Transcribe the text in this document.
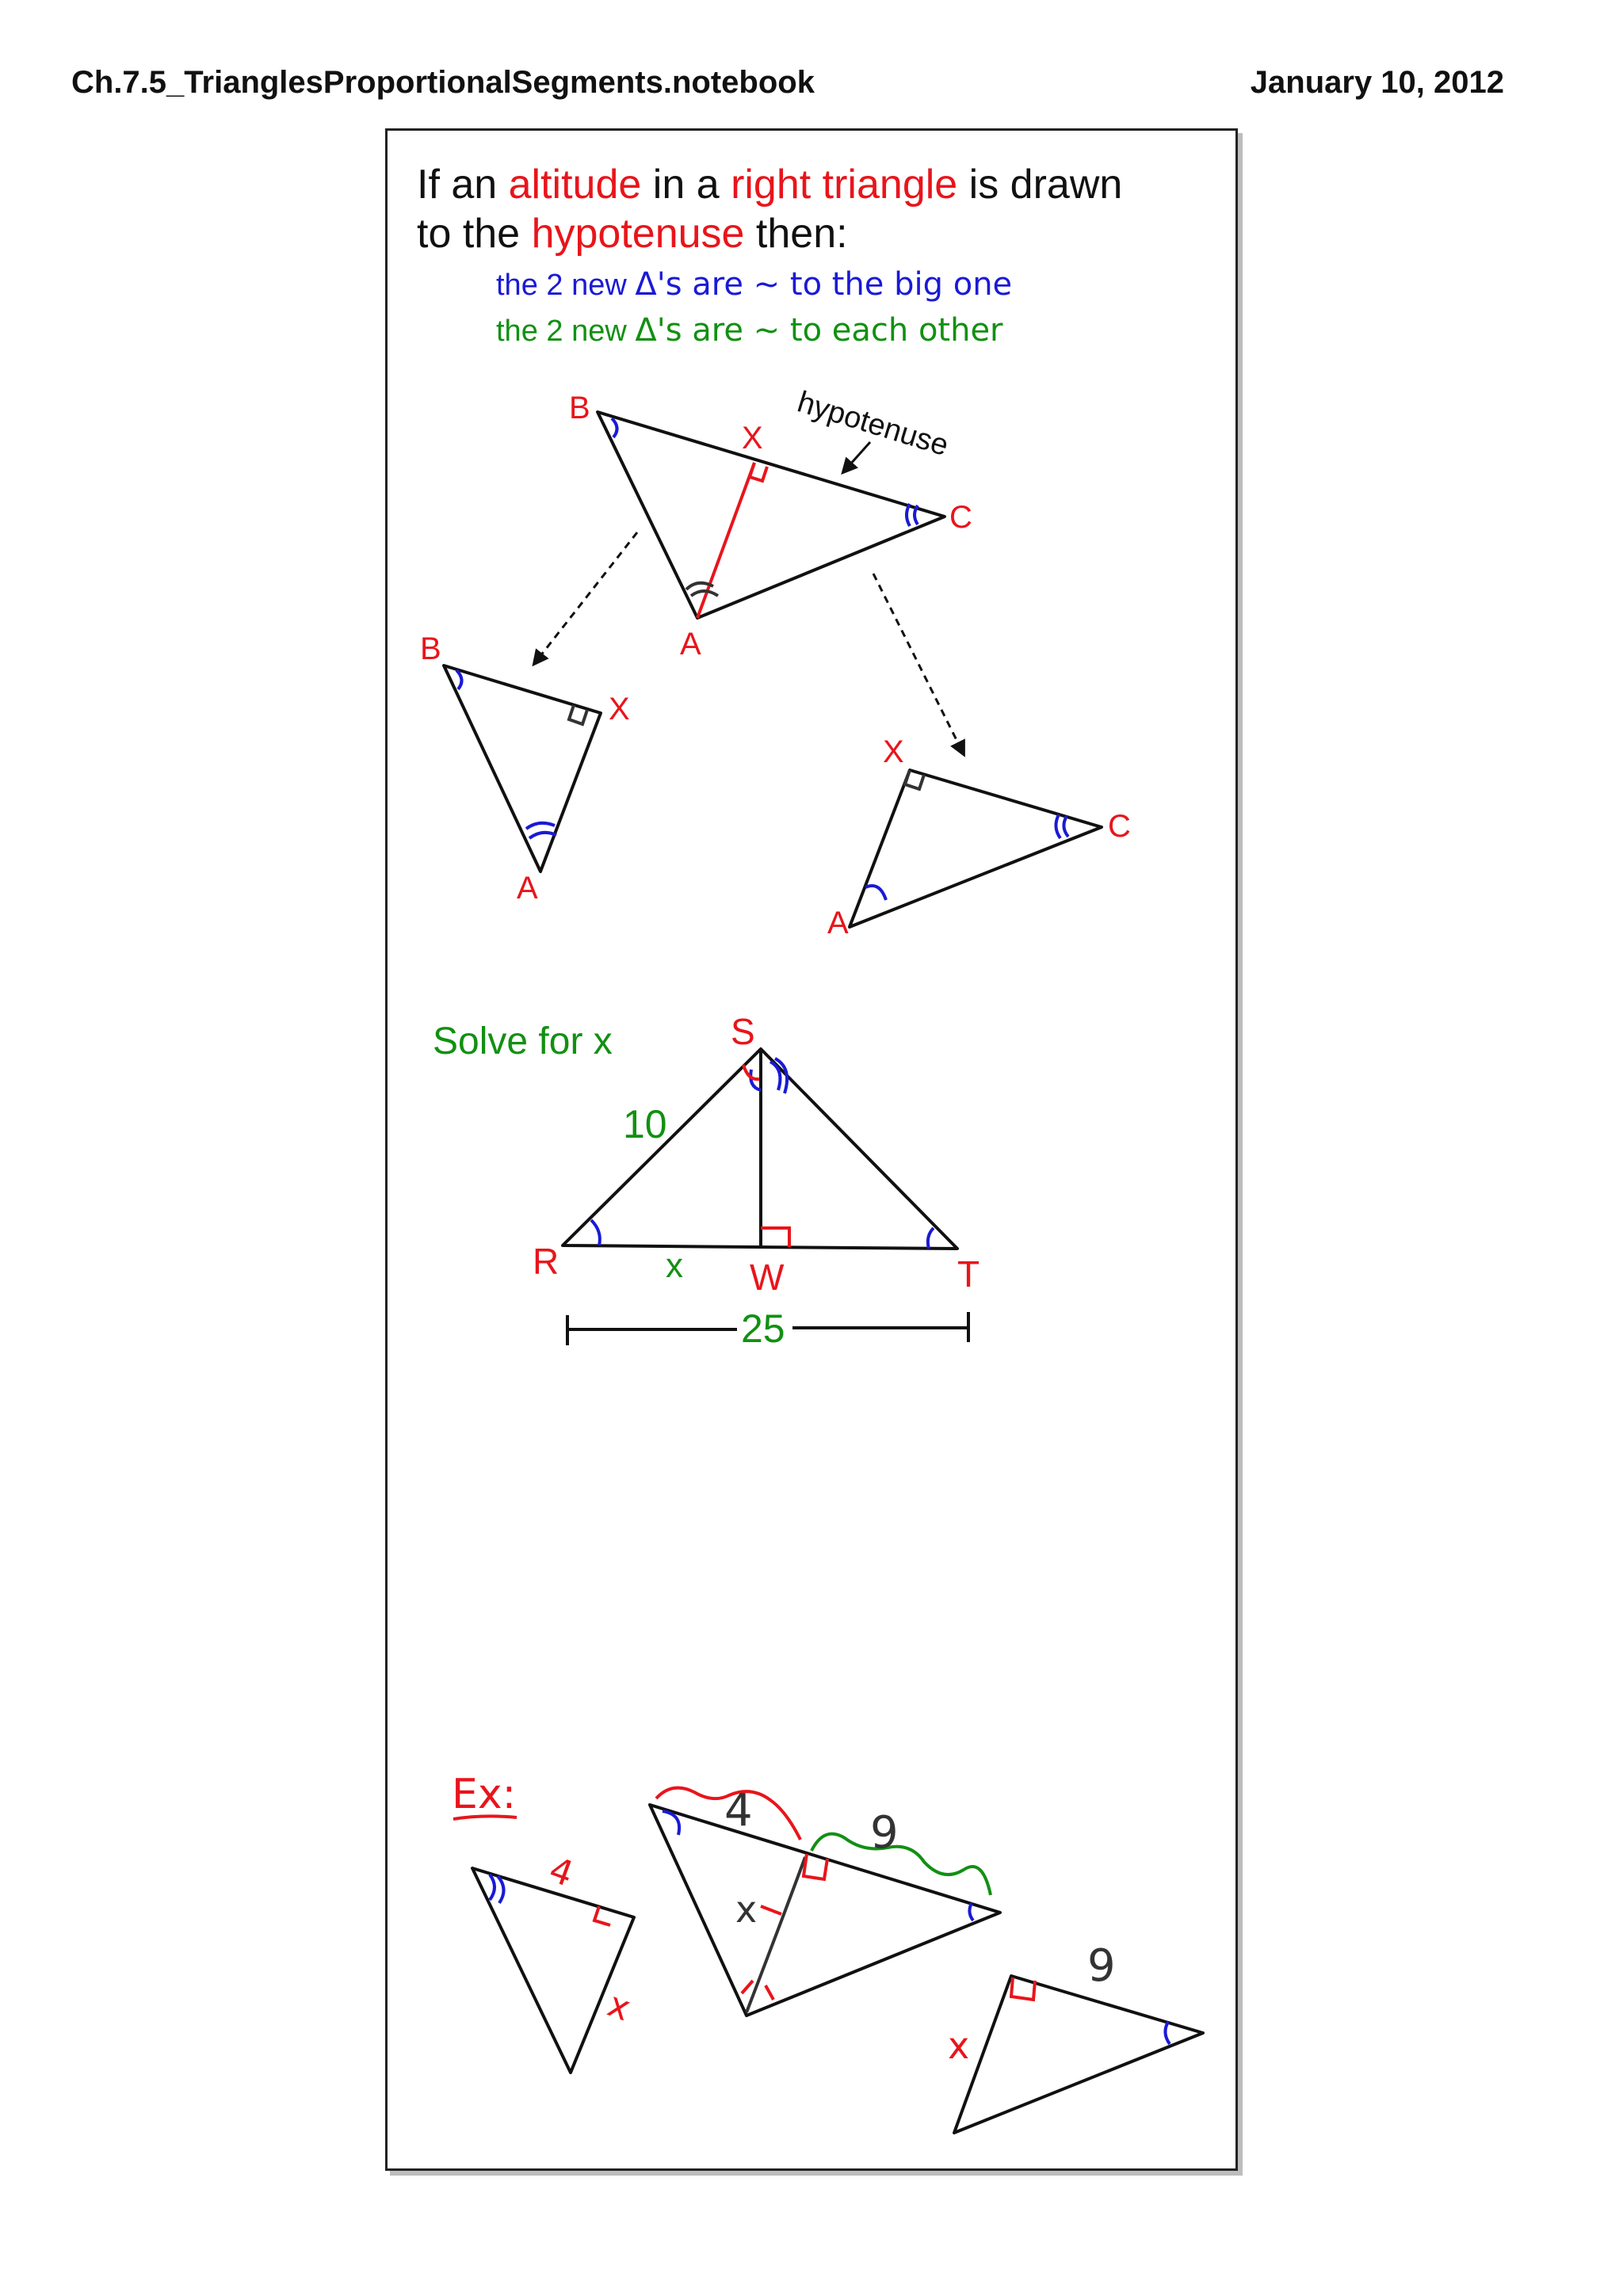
Ch.7.5_TrianglesProportionalSegments.notebook	January 10, 2012
If an altitude in a right triangle is drawn
to the hypotenuse then:
the 2 new Δ's are ~ to the big one
the 2 new Δ's are ~ to each other
B
X
C
A
hypotenuse
B
X
A
X
C
A
Solve for x	S
R	W	T
10
x
25
Ex:
4
x
4	9
x
9
x
